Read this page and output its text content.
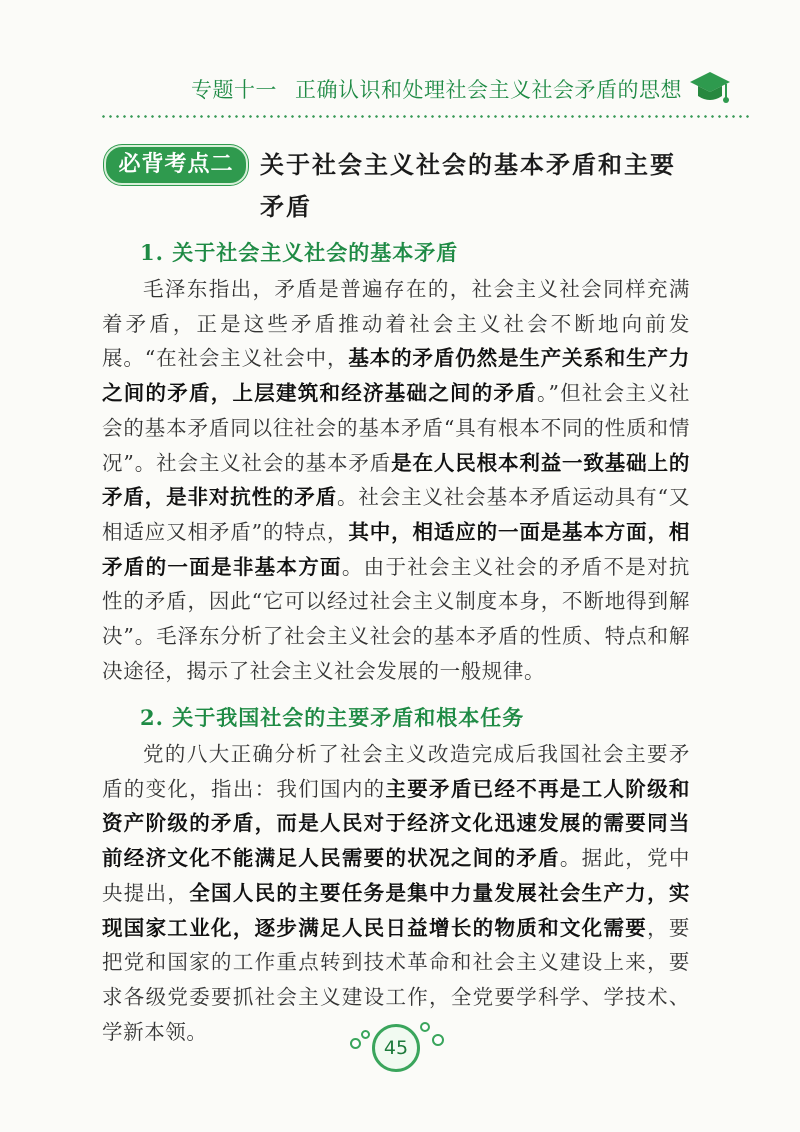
专题十一 正确认识和处理社会主义社会矛盾的思想
必背考点二	关于社会主义社会的基本矛盾和主要
矛盾
1. 关于社会主义社会的基本矛盾
毛泽东指出，矛盾是普遍存在的，社会主义社会同样充满着矛盾，正是这些矛盾推动着社会主义社会不断地向前发展。“在社会主义社会中，基本的矛盾仍然是生产关系和生产力之间的矛盾，上层建筑和经济基础之间的矛盾。”但社会主义社会的基本矛盾同以往社会的基本矛盾“具有根本不同的性质和情况”。社会主义社会的基本矛盾是在人民根本利益一致基础上的矛盾，是非对抗性的矛盾。社会主义社会基本矛盾运动具有“又相适应又相矛盾”的特点，其中，相适应的一面是基本方面，相矛盾的一面是非基本方面。由于社会主义社会的矛盾不是对抗性的矛盾，因此“它可以经过社会主义制度本身，不断地得到解决”。毛泽东分析了社会主义社会的基本矛盾的性质、特点和解决途径，揭示了社会主义社会发展的一般规律。
2. 关于我国社会的主要矛盾和根本任务
党的八大正确分析了社会主义改造完成后我国社会主要矛盾的变化，指出：我们国内的主要矛盾已经不再是工人阶级和资产阶级的矛盾，而是人民对于经济文化迅速发展的需要同当前经济文化不能满足人民需要的状况之间的矛盾。据此，党中央提出，全国人民的主要任务是集中力量发展社会生产力，实现国家工业化，逐步满足人民日益增长的物质和文化需要，要把党和国家的工作重点转到技术革命和社会主义建设上来，要求各级党委要抓社会主义建设工作，全党要学科学、学技术、学新本领。
45
